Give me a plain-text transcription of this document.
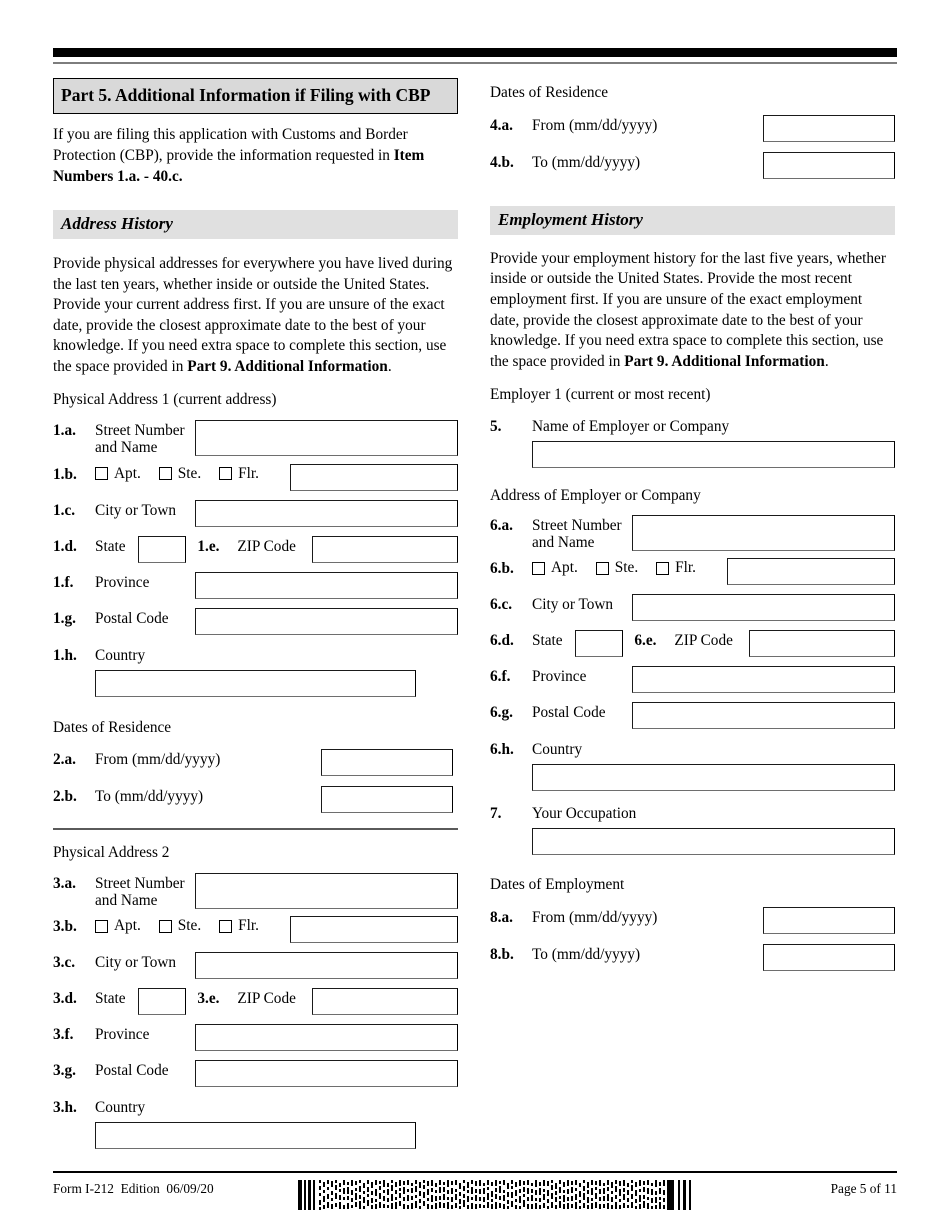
Part 5. Additional Information if Filing with CBP
If you are filing this application with Customs and Border Protection (CBP), provide the information requested in Item Numbers 1.a. - 40.c.
Address History
Provide physical addresses for everywhere you have lived during the last ten years, whether inside or outside the United States. Provide your current address first. If you are unsure of the exact date, provide the closest approximate date to the best of your knowledge. If you need extra space to complete this section, use the space provided in Part 9. Additional Information.
Physical Address 1 (current address)
1.a.	Street Number and Name
1.b.	Apt. Ste. Flr.
1.c.	City or Town
1.d.	State	1.e.	ZIP Code
1.f.	Province
1.g.	Postal Code
1.h.	Country
Dates of Residence
2.a.	From (mm/dd/yyyy)
2.b.	To (mm/dd/yyyy)
Physical Address 2
3.a.	Street Number and Name
3.b.	Apt. Ste. Flr.
3.c.	City or Town
3.d.	State	3.e.	ZIP Code
3.f.	Province
3.g.	Postal Code
3.h.	Country
Dates of Residence
4.a.	From (mm/dd/yyyy)
4.b.	To (mm/dd/yyyy)
Employment History
Provide your employment history for the last five years, whether inside or outside the United States. Provide the most recent employment first. If you are unsure of the exact employment date, provide the closest approximate date to the best of your knowledge. If you need extra space to complete this section, use the space provided in Part 9. Additional Information.
Employer 1 (current or most recent)
5.	Name of Employer or Company
Address of Employer or Company
6.a.	Street Number and Name
6.b.	Apt. Ste. Flr.
6.c.	City or Town
6.d.	State	6.e.	ZIP Code
6.f.	Province
6.g.	Postal Code
6.h.	Country
7.	Your Occupation
Dates of Employment
8.a.	From (mm/dd/yyyy)
8.b.	To (mm/dd/yyyy)
Form I-212 Edition 06/09/20	Page 5 of 11
